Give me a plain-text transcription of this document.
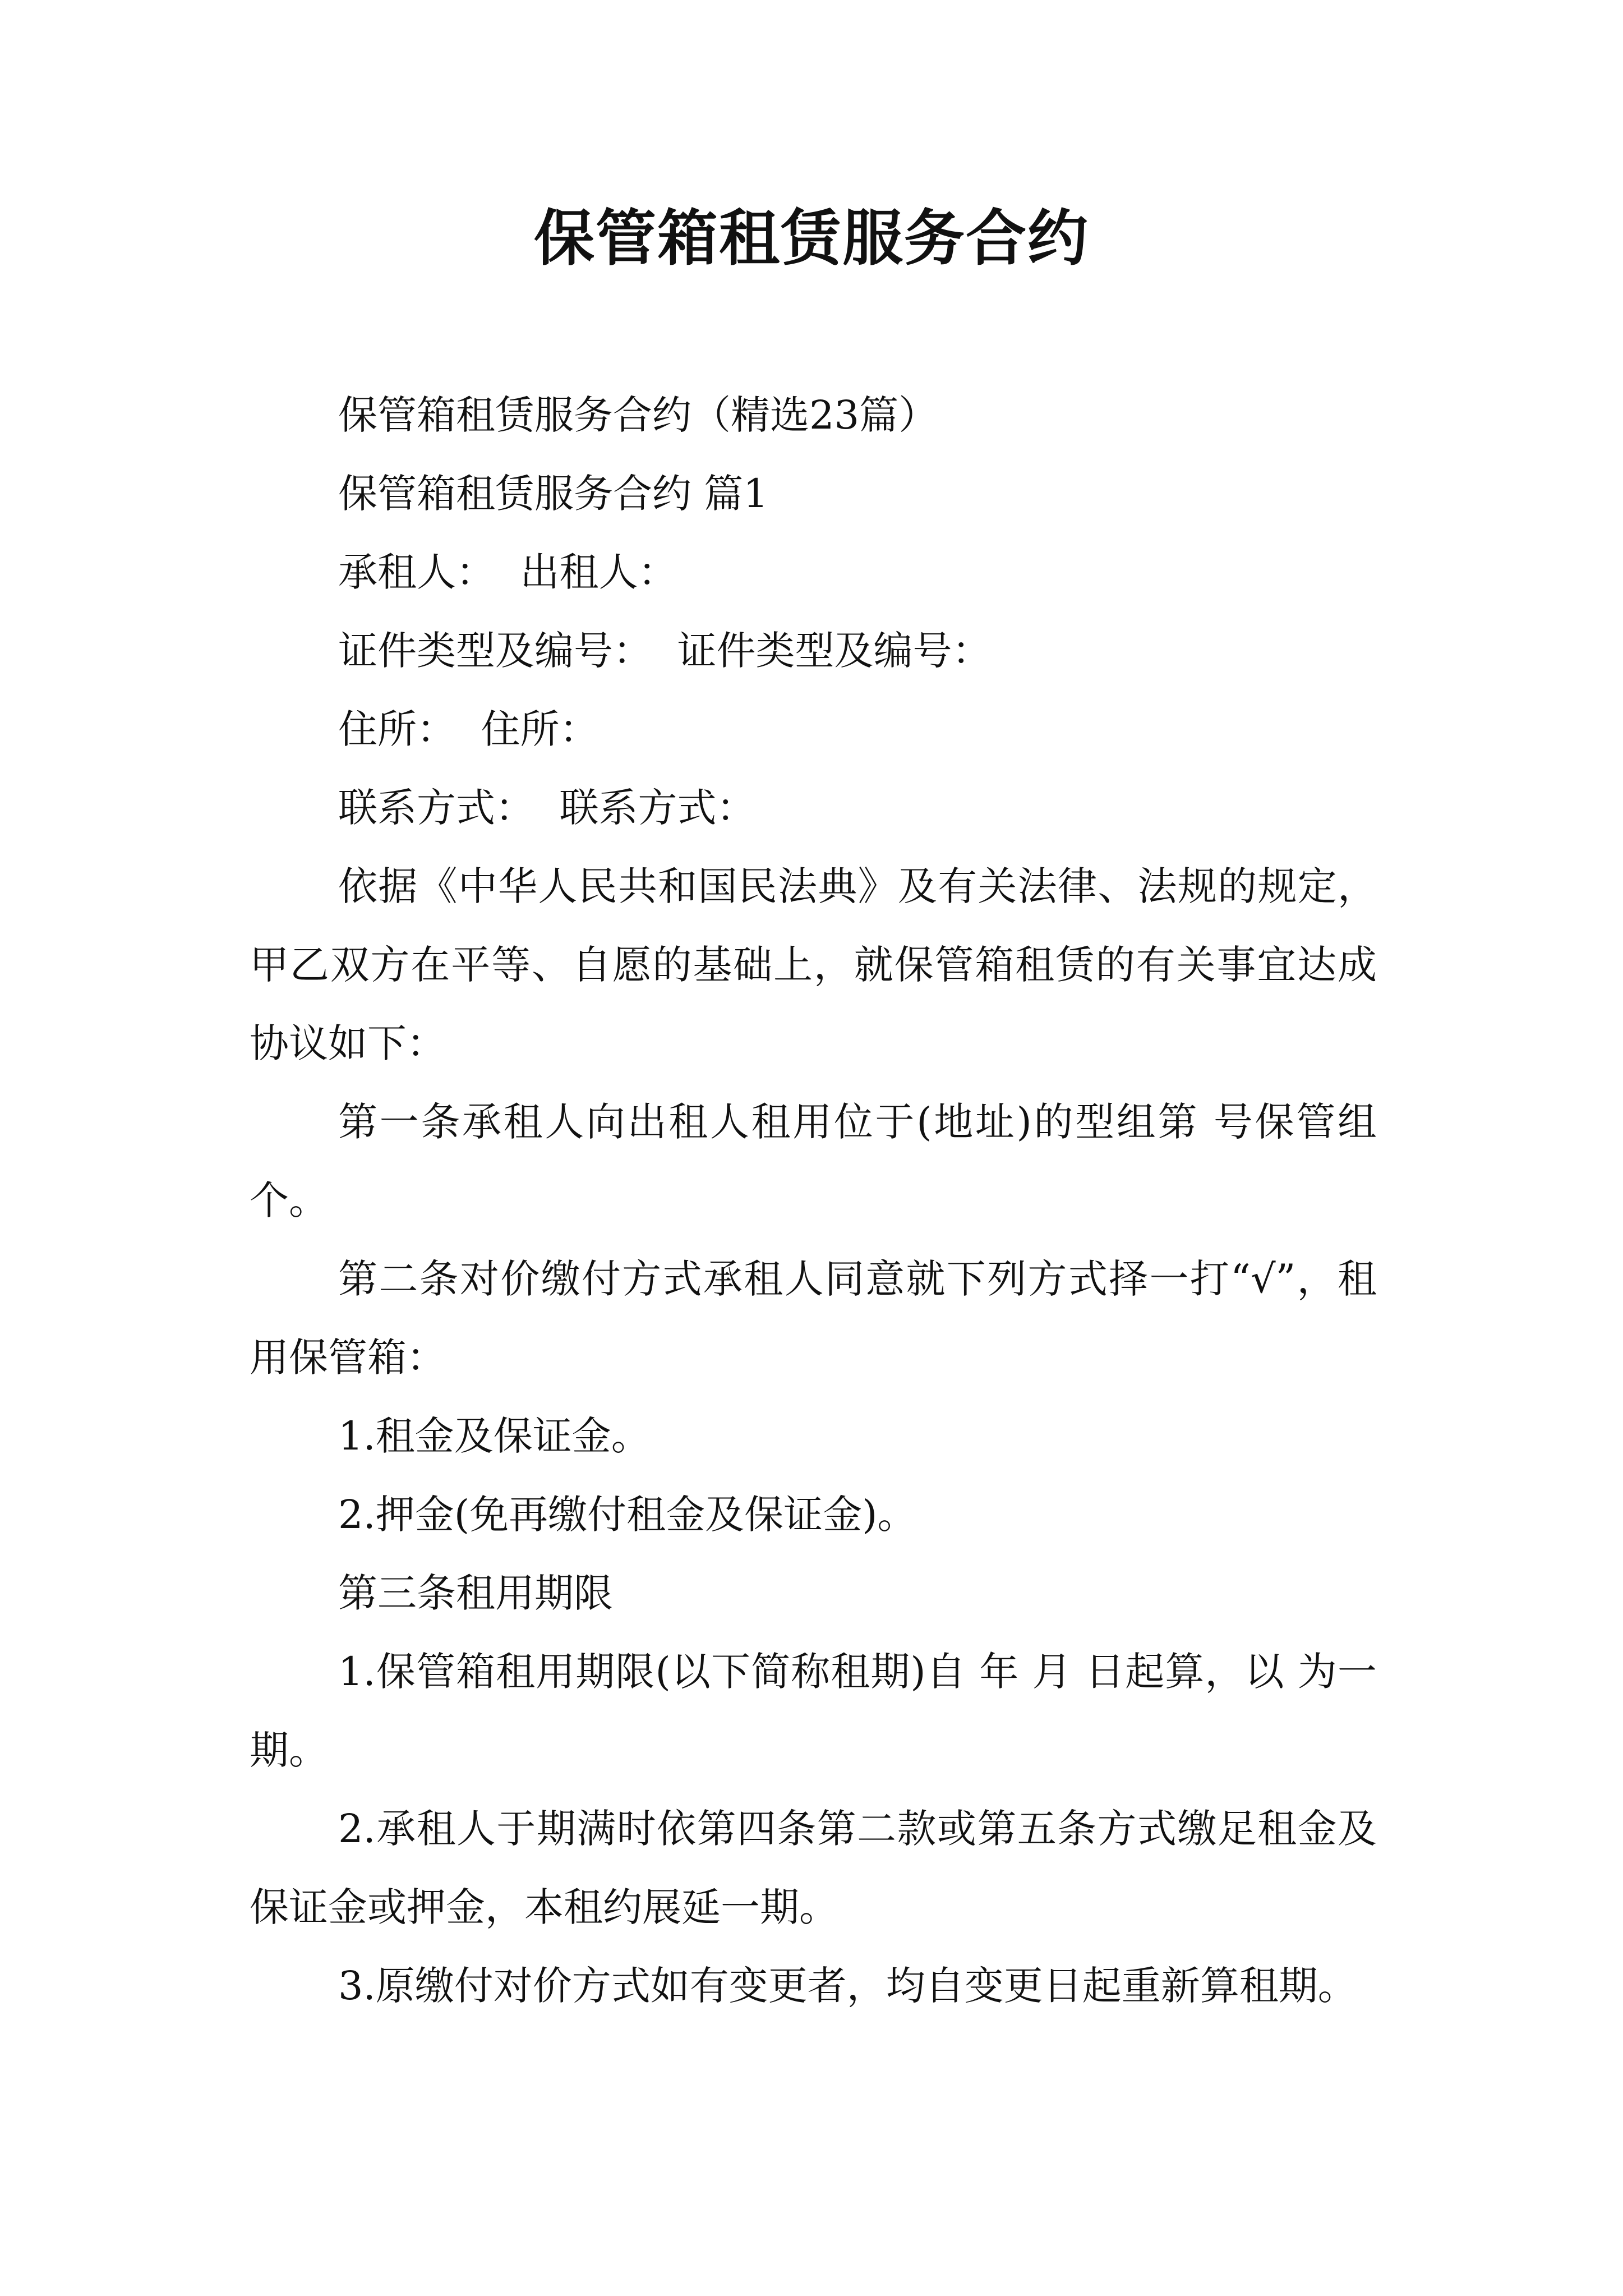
保管箱租赁服务合约

保管箱租赁服务合约（精选23篇）

保管箱租赁服务合约 篇1

承租人：  出租人：

证件类型及编号：  证件类型及编号：

住所：  住所：

联系方式：  联系方式：

依据《中华人民共和国民法典》及有关法律、法规的规定，甲乙双方在平等、自愿的基础上，就保管箱租赁的有关事宜达成协议如下：

第一条承租人向出租人租用位于(地址)的型组第 号保管组 个。

第二条对价缴付方式承租人同意就下列方式择一打“√”，租用保管箱：

1.租金及保证金。

2.押金(免再缴付租金及保证金)。

第三条租用期限

1.保管箱租用期限(以下简称租期)自 年 月 日起算，以 为一期。

2.承租人于期满时依第四条第二款或第五条方式缴足租金及保证金或押金，本租约展延一期。

3.原缴付对价方式如有变更者，均自变更日起重新算租期。
